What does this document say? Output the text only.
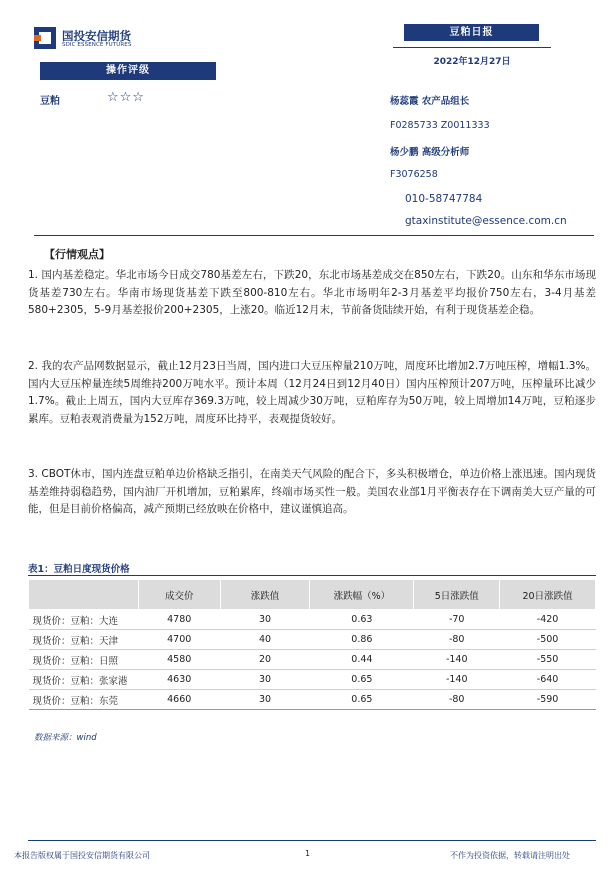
国投安信期货
SDIC ESSENCE FUTURES
豆粕日报
2022年12月27日
操作评级
豆粕	☆☆☆	杨蕊霞 农产品组长
F0285733 Z0011333
杨少鹏 高级分析师
F3076258
010-58747784
gtaxinstitute@essence.com.cn
【行情观点】
1. 国内基差稳定。华北市场今日成交780基差左右，下跌20，东北市场基差成交在850左右，下跌20。山东和华东市场现货基差730左右。华南市场现货基差下跌至800-810左右。华北市场明年2-3月基差平均报价750左右，3-4月基差580+2305，5-9月基差报价200+2305，上涨20。临近12月末，节前备货陆续开始，有利于现货基差企稳。
2. 我的农产品网数据显示，截止12月23日当周，国内进口大豆压榨量210万吨，周度环比增加2.7万吨压榨，增幅1.3%。国内大豆压榨量连续5周维持200万吨水平。预计本周（12月24日到12月40日）国内压榨预计207万吨，压榨量环比减少1.7%。截止上周五，国内大豆库存369.3万吨，较上周减少30万吨，豆粕库存为50万吨，较上周增加14万吨，豆粕逐步累库。豆粕表观消费量为152万吨，周度环比持平，表观提货较好。
3. CBOT休市，国内连盘豆粕单边价格缺乏指引，在南美天气风险的配合下，多头积极增仓，单边价格上涨迅速。国内现货基差维持弱稳趋势，国内油厂开机增加，豆粕累库，终端市场买性一般。美国农业部1月平衡表存在下调南美大豆产量的可能，但是目前价格偏高，减产预期已经放映在价格中，建议谨慎追高。
表1：豆粕日度现货价格
	成交价	涨跌值	涨跌幅（%）	5日涨跌值	20日涨跌值
现货价：豆粕：大连	4780	30	0.63	-70	-420
现货价：豆粕：天津	4700	40	0.86	-80	-500
现货价：豆粕：日照	4580	20	0.44	-140	-550
现货价：豆粕：张家港	4630	30	0.65	-140	-640
现货价：豆粕：东莞	4660	30	0.65	-80	-590
数据来源：wind
本报告版权属于国投安信期货有限公司	1	不作为投资依据，转载请注明出处
